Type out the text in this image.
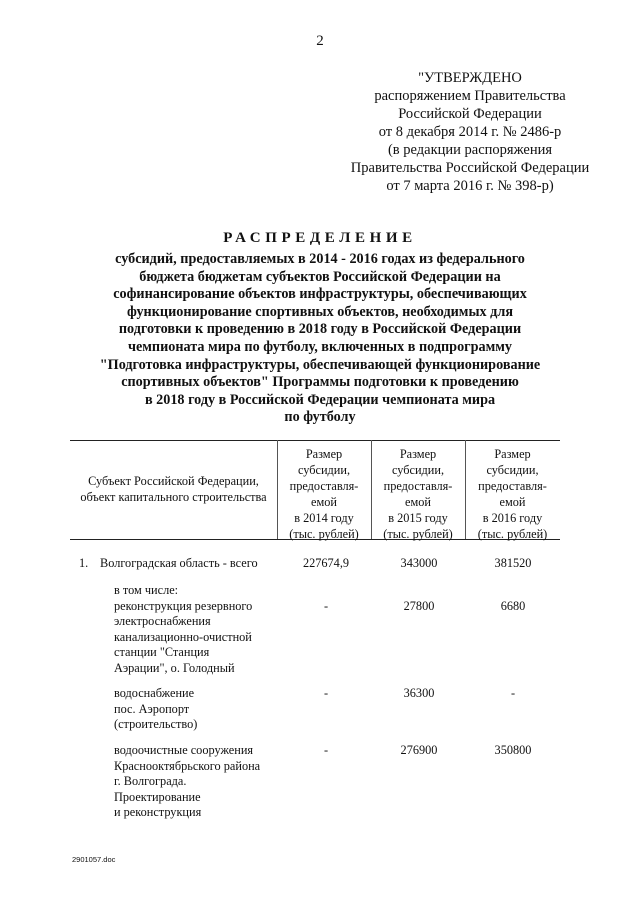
2
"УТВЕРЖДЕНО
распоряжением Правительства
Российской Федерации
от 8 декабря 2014 г. № 2486-р
(в редакции распоряжения
Правительства Российской Федерации
от 7 марта 2016 г. № 398-р)
РАСПРЕДЕЛЕНИЕ
субсидий, предоставляемых в 2014 - 2016 годах из федерального
бюджета бюджетам субъектов Российской Федерации на
софинансирование объектов инфраструктуры, обеспечивающих
функционирование спортивных объектов, необходимых для
подготовки к проведению в 2018 году в Российской Федерации
чемпионата мира по футболу, включенных в подпрограмму
"Подготовка инфраструктуры, обеспечивающей функционирование
спортивных объектов" Программы подготовки к проведению
в 2018 году в Российской Федерации чемпионата мира
по футболу
Субъект Российской Федерации,
объект капитального строительства
Размер
субсидии,
предоставля-
емой
в 2014 году
(тыс. рублей)
Размер
субсидии,
предоставля-
емой
в 2015 году
(тыс. рублей)
Размер
субсидии,
предоставля-
емой
в 2016 году
(тыс. рублей)
1. Волгоградская область - всего	227674,9	343000	381520
в том числе:
реконструкция резервного
электроснабжения
канализационно-очистной
станции "Станция
Аэрации", о. Голодный
-	27800	6680
водоснабжение
пос. Аэропорт
(строительство)
-	36300	-
водоочистные сооружения
Краснооктябрьского района
г. Волгограда.
Проектирование
и реконструкция
-	276900	350800
2901057.doc
